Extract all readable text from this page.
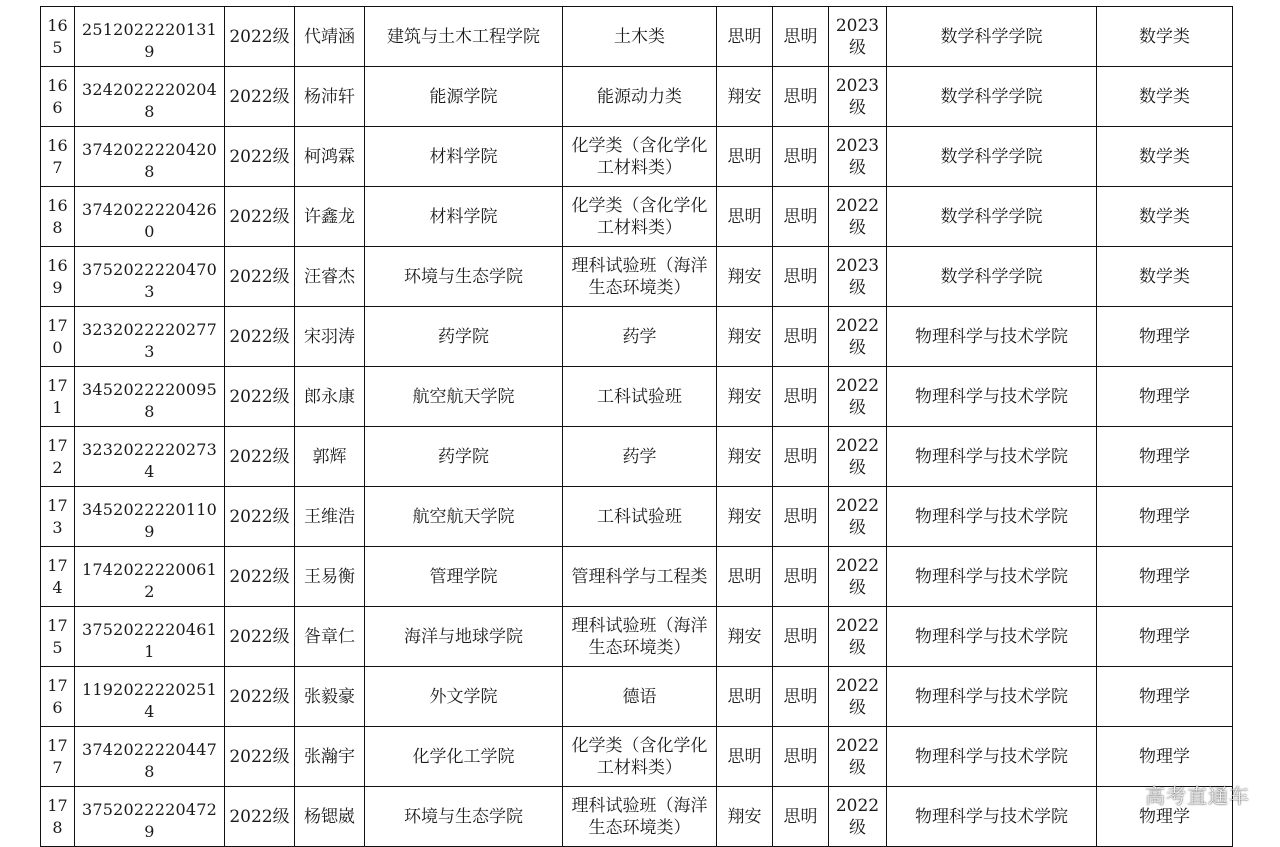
165	25120222201319	2022级	代靖涵	建筑与土木工程学院	土木类	思明	思明	2023级	数学科学学院	数学类
166	32420222202048	2022级	杨沛轩	能源学院	能源动力类	翔安	思明	2023级	数学科学学院	数学类
167	37420222204208	2022级	柯鸿霖	材料学院	化学类（含化学化工材料类）	思明	思明	2023级	数学科学学院	数学类
168	37420222204260	2022级	许鑫龙	材料学院	化学类（含化学化工材料类）	思明	思明	2022级	数学科学学院	数学类
169	37520222204703	2022级	汪睿杰	环境与生态学院	理科试验班（海洋生态环境类）	翔安	思明	2023级	数学科学学院	数学类
170	32320222202773	2022级	宋羽涛	药学院	药学	翔安	思明	2022级	物理科学与技术学院	物理学
171	34520222200958	2022级	郎永康	航空航天学院	工科试验班	翔安	思明	2022级	物理科学与技术学院	物理学
172	32320222202734	2022级	郭辉	药学院	药学	翔安	思明	2022级	物理科学与技术学院	物理学
173	34520222201109	2022级	王维浩	航空航天学院	工科试验班	翔安	思明	2022级	物理科学与技术学院	物理学
174	17420222200612	2022级	王易衡	管理学院	管理科学与工程类	思明	思明	2022级	物理科学与技术学院	物理学
175	37520222204611	2022级	昝章仁	海洋与地球学院	理科试验班（海洋生态环境类）	翔安	思明	2022级	物理科学与技术学院	物理学
176	11920222202514	2022级	张毅豪	外文学院	德语	思明	思明	2022级	物理科学与技术学院	物理学
177	37420222204478	2022级	张瀚宇	化学化工学院	化学类（含化学化工材料类）	思明	思明	2022级	物理科学与技术学院	物理学
178	37520222204729	2022级	杨锶崴	环境与生态学院	理科试验班（海洋生态环境类）	翔安	思明	2022级	物理科学与技术学院	物理学
高考直通车
